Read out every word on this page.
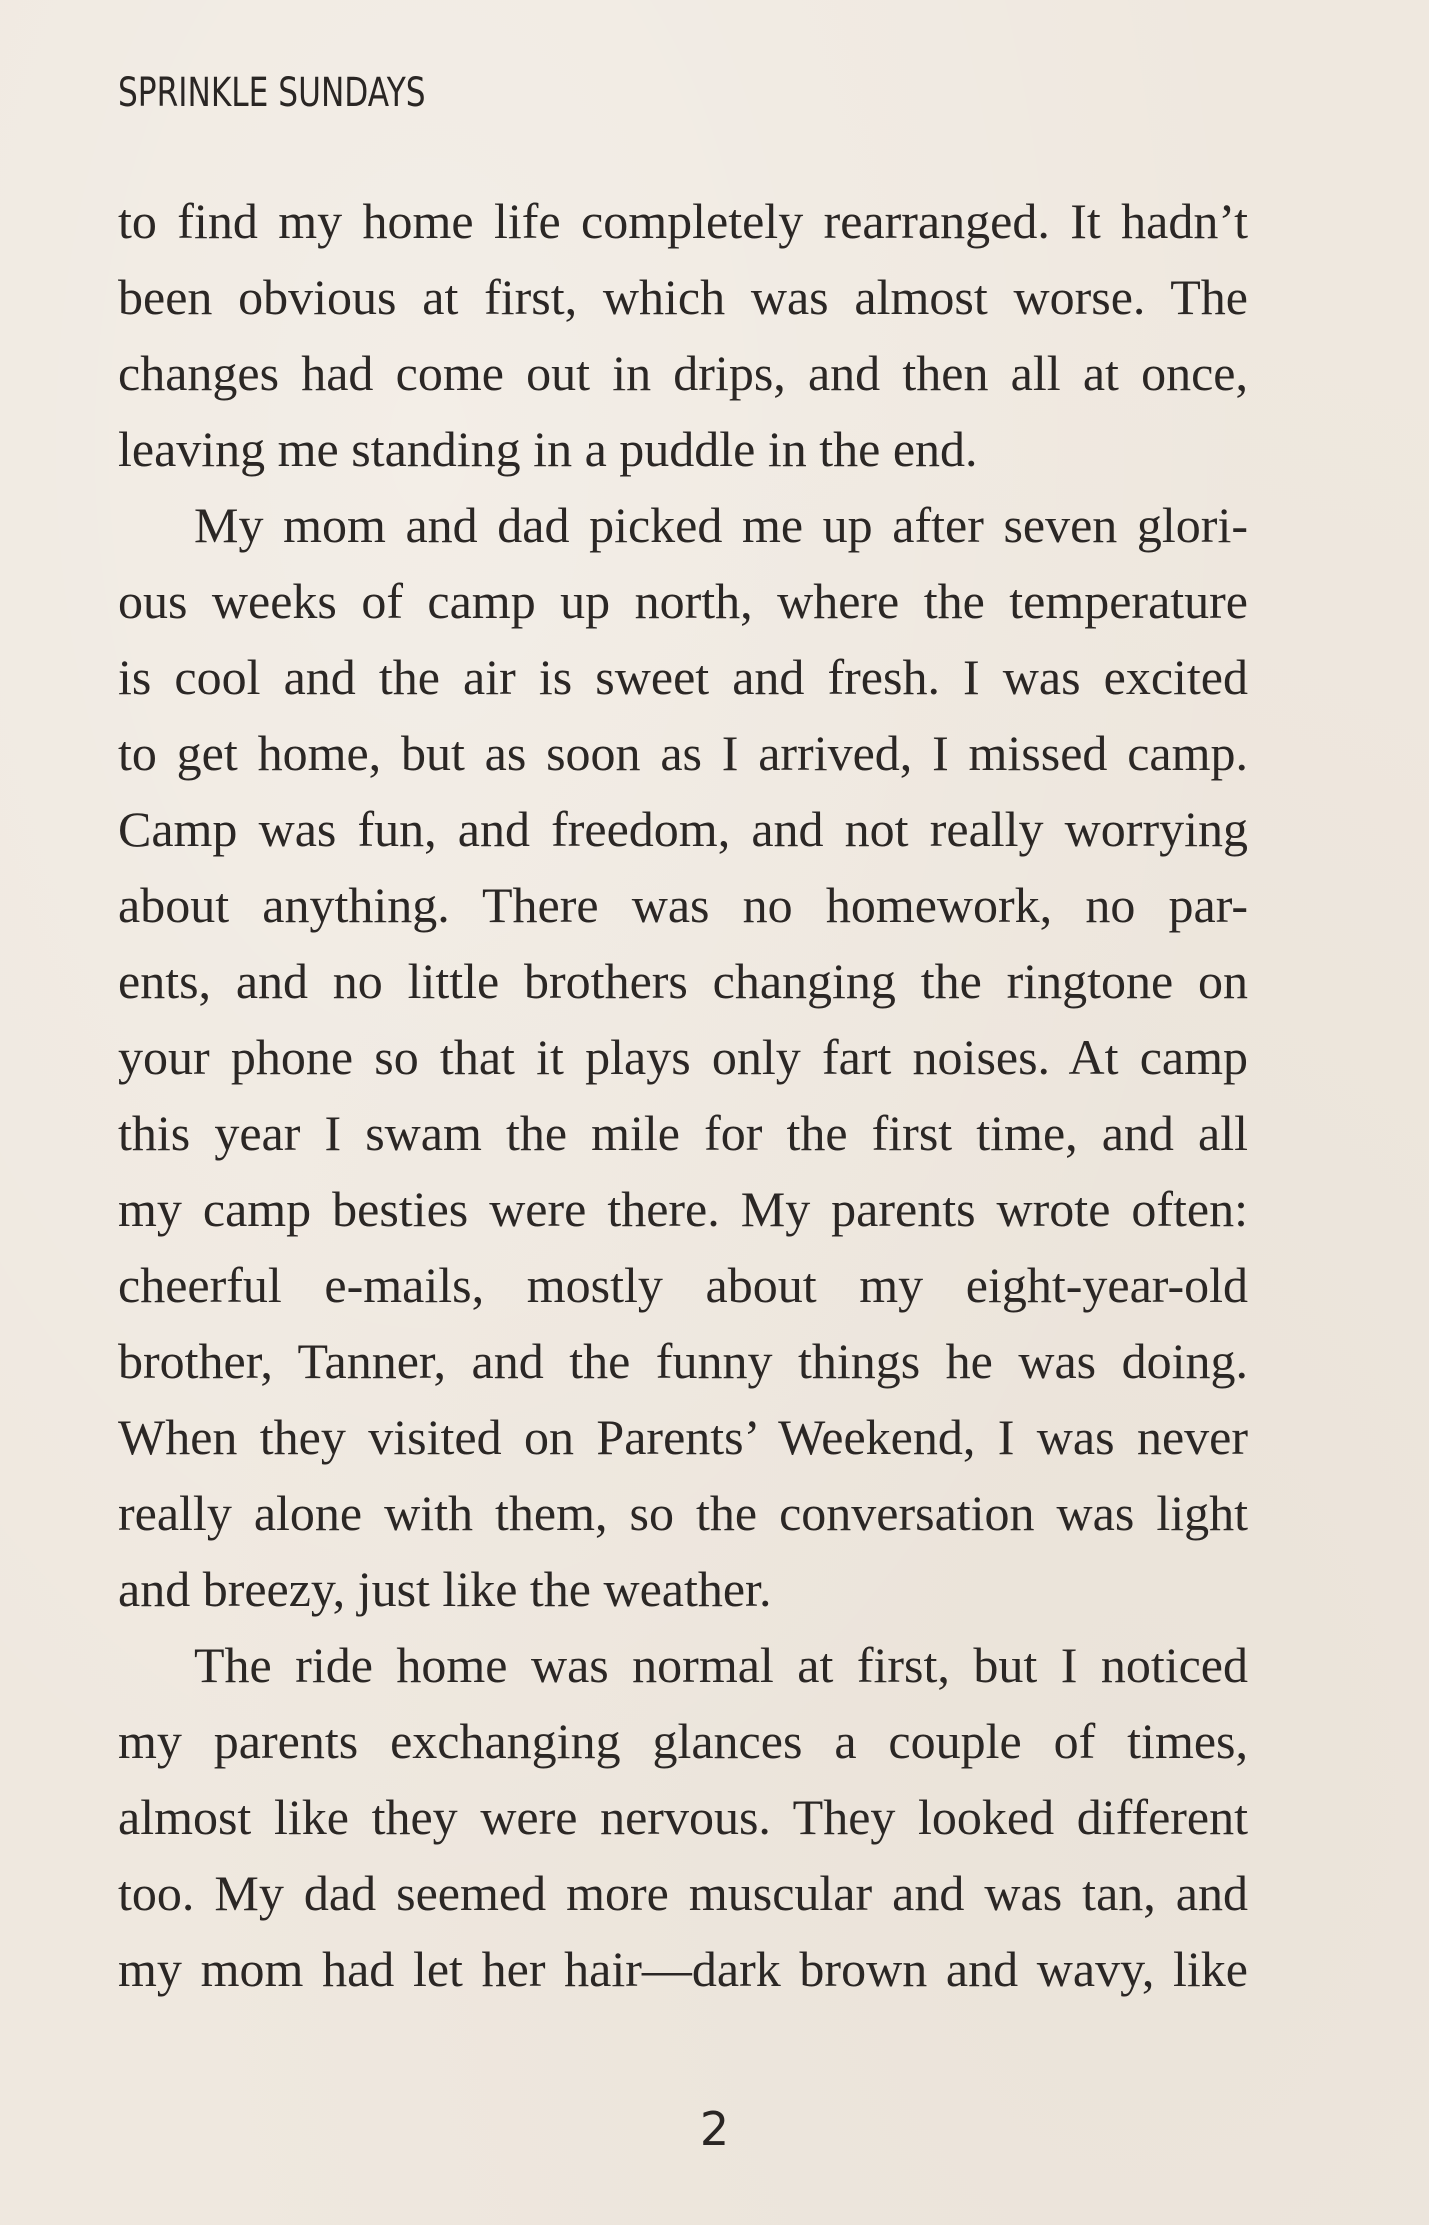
SPRINKLE SUNDAYS
to find my home life completely rearranged. It hadn’t
been obvious at first, which was almost worse. The
changes had come out in drips, and then all at once,
leaving me standing in a puddle in the end.
My mom and dad picked me up after seven glori-
ous weeks of camp up north, where the temperature
is cool and the air is sweet and fresh. I was excited
to get home, but as soon as I arrived, I missed camp.
Camp was fun, and freedom, and not really worrying
about anything. There was no homework, no par-
ents, and no little brothers changing the ringtone on
your phone so that it plays only fart noises. At camp
this year I swam the mile for the first time, and all
my camp besties were there. My parents wrote often:
cheerful e-mails, mostly about my eight-year-old
brother, Tanner, and the funny things he was doing.
When they visited on Parents’ Weekend, I was never
really alone with them, so the conversation was light
and breezy, just like the weather.
The ride home was normal at first, but I noticed
my parents exchanging glances a couple of times,
almost like they were nervous. They looked different
too. My dad seemed more muscular and was tan, and
my mom had let her hair—dark brown and wavy, like
2
